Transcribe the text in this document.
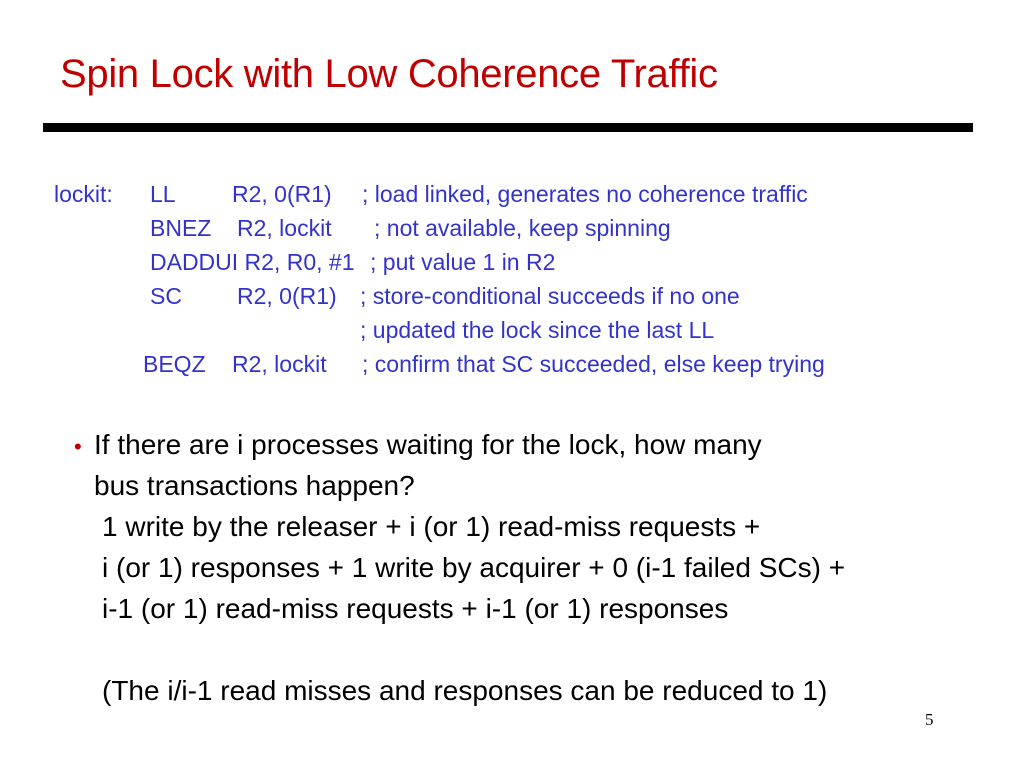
Spin Lock with Low Coherence Traffic
lockit: LL R2, 0(R1) ; load linked, generates no coherence traffic
BNEZ R2, lockit ; not available, keep spinning
DADDUI R2, R0, #1 ; put value 1 in R2
SC R2, 0(R1) ; store-conditional succeeds if no one
; updated the lock since the last LL
BEQZ R2, lockit ; confirm that SC succeeded, else keep trying
• If there are i processes waiting for the lock, how many
bus transactions happen?
1 write by the releaser + i (or 1) read-miss requests +
i (or 1) responses + 1 write by acquirer + 0 (i-1 failed SCs) +
i-1 (or 1) read-miss requests + i-1 (or 1) responses
(The i/i-1 read misses and responses can be reduced to 1)
5
